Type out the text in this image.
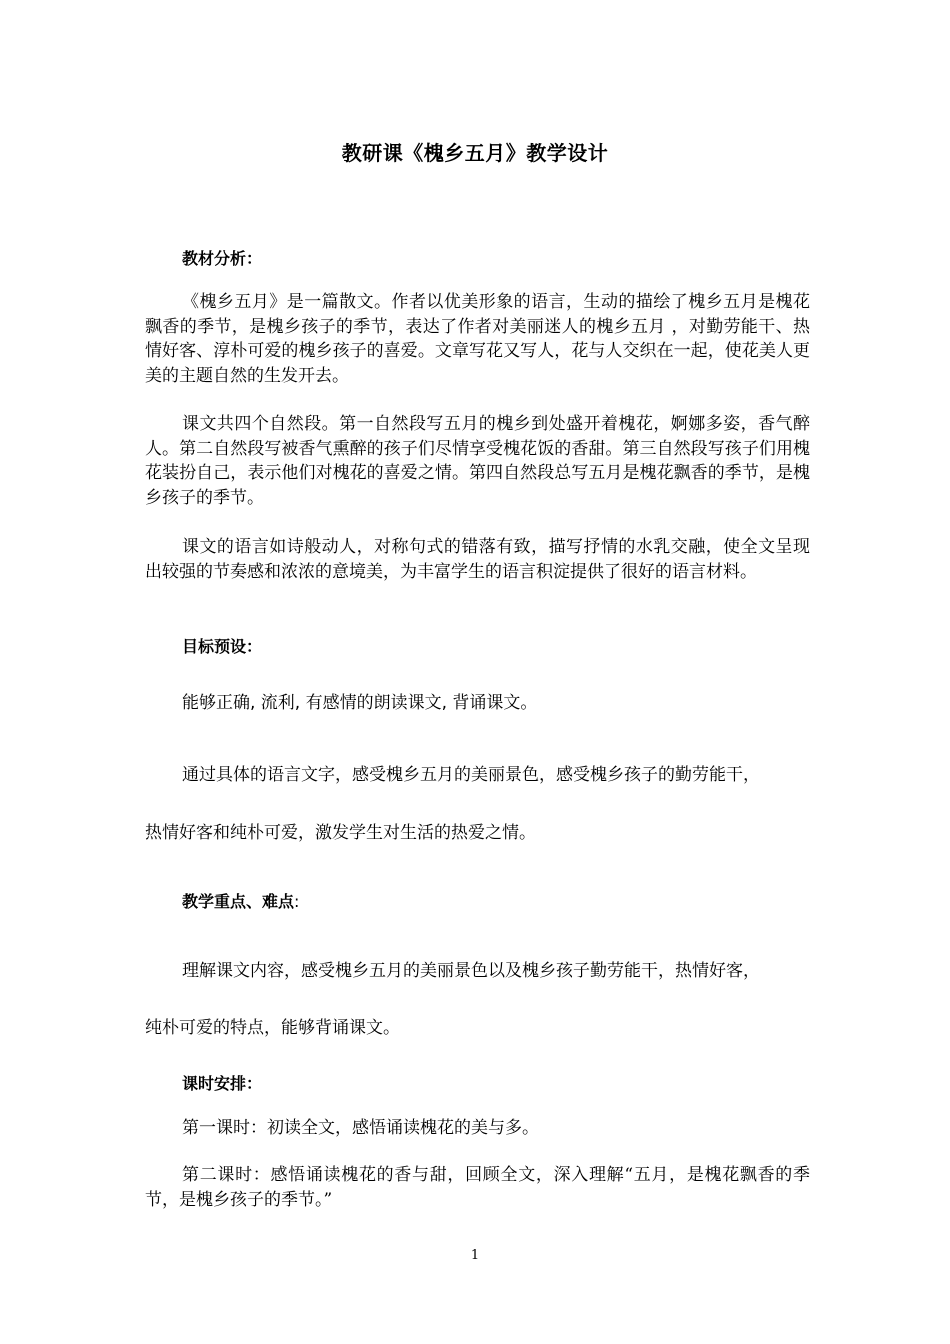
教研课《槐乡五月》教学设计
教材分析：

《槐乡五月》是一篇散文。作者以优美形象的语言，生动的描绘了槐乡五月是槐花飘香的季节，是槐乡孩子的季节，表达了作者对美丽迷人的槐乡五月 ，对勤劳能干、热情好客、淳朴可爱的槐乡孩子的喜爱。文章写花又写人，花与人交织在一起，使花美人更美的主题自然的生发开去。

课文共四个自然段。第一自然段写五月的槐乡到处盛开着槐花，婀娜多姿，香气醉人。第二自然段写被香气熏醉的孩子们尽情享受槐花饭的香甜。第三自然段写孩子们用槐花装扮自己，表示他们对槐花的喜爱之情。第四自然段总写五月是槐花飘香的季节，是槐乡孩子的季节。

课文的语言如诗般动人，对称句式的错落有致，描写抒情的水乳交融，使全文呈现出较强的节奏感和浓浓的意境美，为丰富学生的语言积淀提供了很好的语言材料。

目标预设：
能够正确, 流利, 有感情的朗读课文, 背诵课文。
通过具体的语言文字，感受槐乡五月的美丽景色，感受槐乡孩子的勤劳能干，
热情好客和纯朴可爱，激发学生对生活的热爱之情。
教学重点、难点:
理解课文内容，感受槐乡五月的美丽景色以及槐乡孩子勤劳能干，热情好客，
纯朴可爱的特点，能够背诵课文。
课时安排：

第一课时：初读全文，感悟诵读槐花的美与多。

第二课时：感悟诵读槐花的香与甜，回顾全文，深入理解“五月，是槐花飘香的季节，是槐乡孩子的季节。”

1
